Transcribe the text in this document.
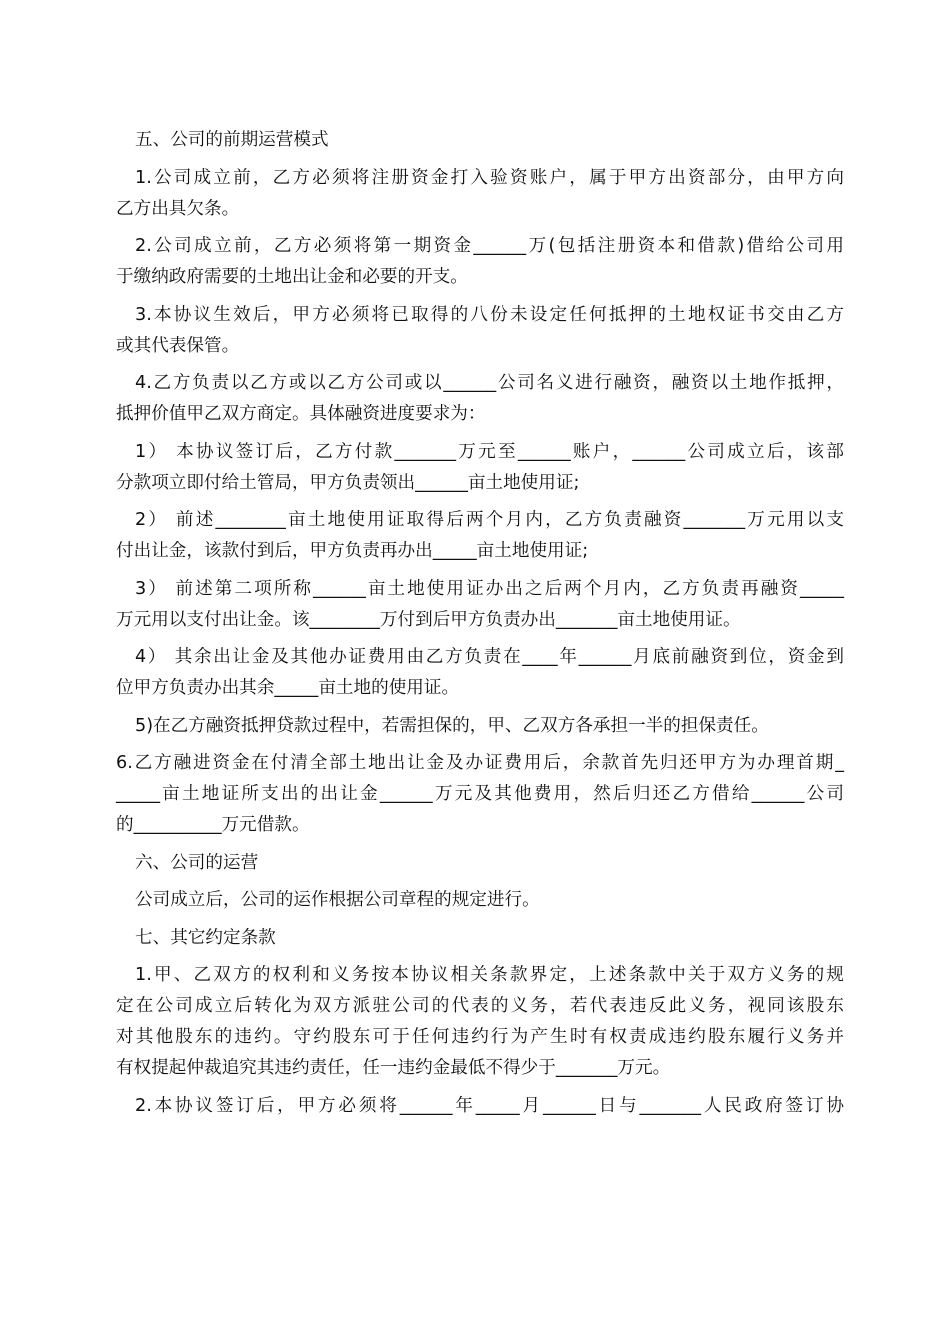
五、公司的前期运营模式
1.公司成立前，乙方必须将注册资金打入验资账户，属于甲方出资部分，由甲方向
乙方出具欠条。
2.公司成立前，乙方必须将第一期资金______万(包括注册资本和借款)借给公司用
于缴纳政府需要的土地出让金和必要的开支。
3.本协议生效后，甲方必须将已取得的八份未设定任何抵押的土地权证书交由乙方
或其代表保管。
4.乙方负责以乙方或以乙方公司或以______公司名义进行融资，融资以土地作抵押，
抵押价值甲乙双方商定。具体融资进度要求为：
1） 本协议签订后，乙方付款_______万元至______账户，______公司成立后，该部
分款项立即付给土管局，甲方负责领出______亩土地使用证;
2） 前述________亩土地使用证取得后两个月内，乙方负责融资_______万元用以支
付出让金，该款付到后，甲方负责再办出_____亩土地使用证;
3） 前述第二项所称______亩土地使用证办出之后两个月内，乙方负责再融资_____
万元用以支付出让金。该________万付到后甲方负责办出_______亩土地使用证。
4） 其余出让金及其他办证费用由乙方负责在____年______月底前融资到位，资金到
位甲方负责办出其余_____亩土地的使用证。
5)在乙方融资抵押贷款过程中，若需担保的，甲、乙双方各承担一半的担保责任。
6.乙方融进资金在付清全部土地出让金及办证费用后，余款首先归还甲方为办理首期_
_____亩土地证所支出的出让金______万元及其他费用，然后归还乙方借给______公司
的__________万元借款。
六、公司的运营
公司成立后，公司的运作根据公司章程的规定进行。
七、其它约定条款
1.甲、乙双方的权利和义务按本协议相关条款界定，上述条款中关于双方义务的规
定在公司成立后转化为双方派驻公司的代表的义务，若代表违反此义务，视同该股东
对其他股东的违约。守约股东可于任何违约行为产生时有权责成违约股东履行义务并
有权提起仲裁追究其违约责任，任一违约金最低不得少于_______万元。
2.本协议签订后，甲方必须将______年_____月______日与_______人民政府签订协
